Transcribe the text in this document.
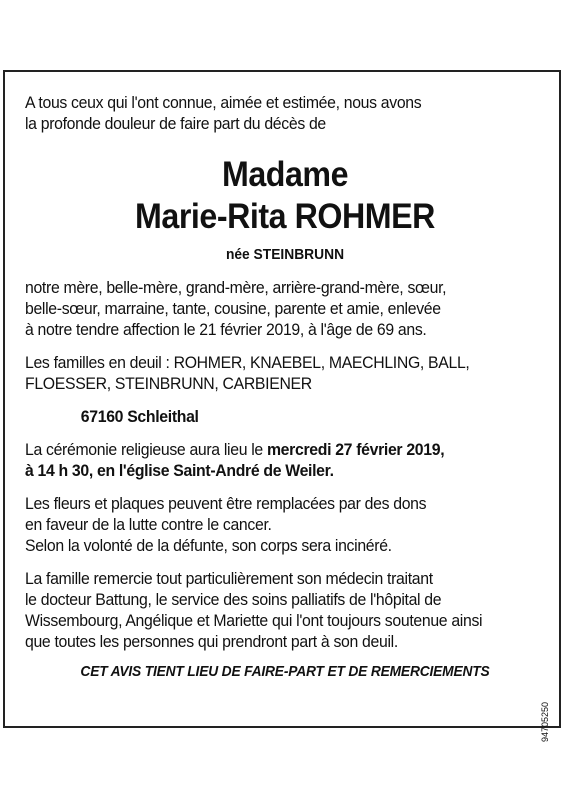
A tous ceux qui l'ont connue, aimée et estimée, nous avons

la profonde douleur de faire part du décès de

Madame

Marie-Rita ROHMER

née STEINBRUNN

notre mère, belle-mère, grand-mère, arrière-grand-mère, sœur,

belle-sœur, marraine, tante, cousine, parente et amie, enlevée

à notre tendre affection le 21 février 2019, à l'âge de 69 ans.

Les familles en deuil : ROHMER, KNAEBEL, MAECHLING, BALL,

FLOESSER, STEINBRUNN, CARBIENER

67160 Schleithal

La cérémonie religieuse aura lieu le mercredi 27 février 2019,

à 14 h 30, en l'église Saint-André de Weiler.

Les fleurs et plaques peuvent être remplacées par des dons

en faveur de la lutte contre le cancer.

Selon la volonté de la défunte, son corps sera incinéré.

La famille remercie tout particulièrement son médecin traitant

le docteur Battung, le service des soins palliatifs de l'hôpital de

Wissembourg, Angélique et Mariette qui l'ont toujours soutenue ainsi

que toutes les personnes qui prendront part à son deuil.

CET AVIS TIENT LIEU DE FAIRE-PART ET DE REMERCIEMENTS

94705250
